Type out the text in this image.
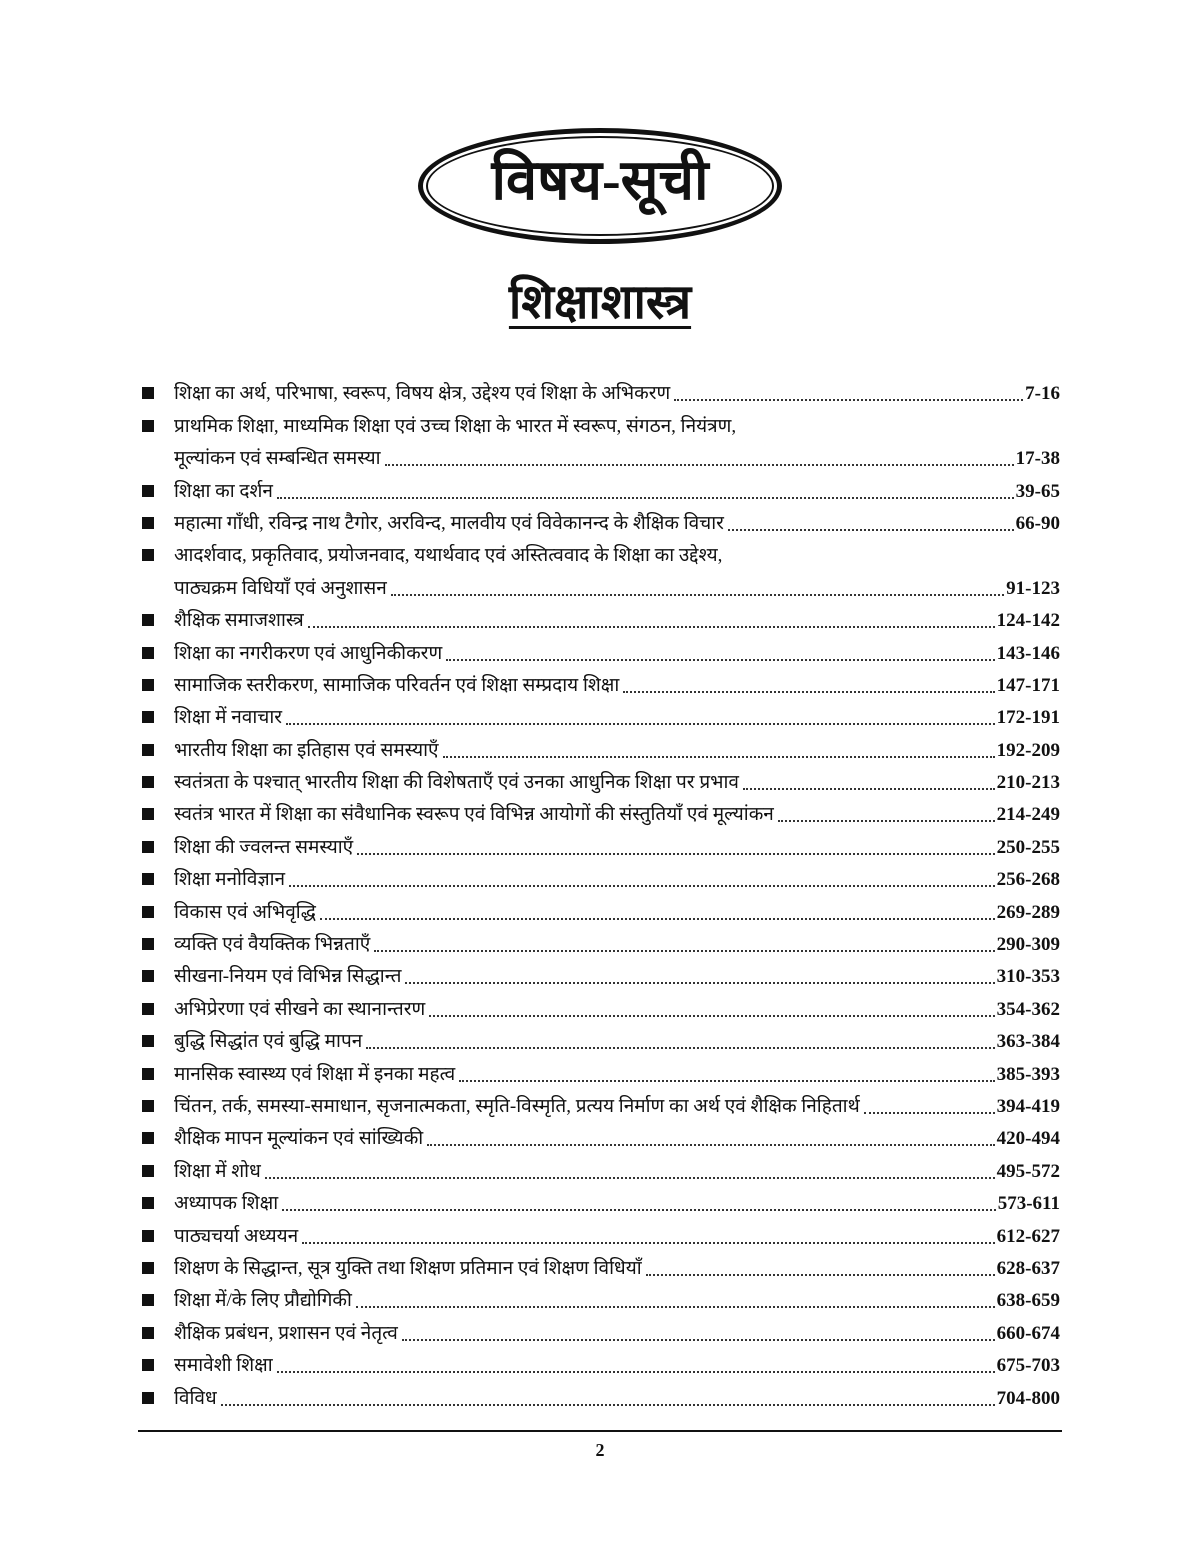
विषय-सूची
शिक्षाशास्त्र
शिक्षा का अर्थ, परिभाषा, स्वरूप, विषय क्षेत्र, उद्देश्य एवं शिक्षा के अभिकरण	7-16
प्राथमिक शिक्षा, माध्यमिक शिक्षा एवं उच्च शिक्षा के भारत में स्वरूप, संगठन, नियंत्रण,
मूल्यांकन एवं सम्बन्धित समस्या	17-38
शिक्षा का दर्शन	39-65
महात्मा गाँधी, रविन्द्र नाथ टैगोर, अरविन्द, मालवीय एवं विवेकानन्द के शैक्षिक विचार	66-90
आदर्शवाद, प्रकृतिवाद, प्रयोजनवाद, यथार्थवाद एवं अस्तित्ववाद के शिक्षा का उद्देश्य,
पाठ्यक्रम विधियाँ एवं अनुशासन	91-123
शैक्षिक समाजशास्त्र	124-142
शिक्षा का नगरीकरण एवं आधुनिकीकरण	143-146
सामाजिक स्तरीकरण, सामाजिक परिवर्तन एवं शिक्षा सम्प्रदाय शिक्षा	147-171
शिक्षा में नवाचार	172-191
भारतीय शिक्षा का इतिहास एवं समस्याएँ	192-209
स्वतंत्रता के पश्चात् भारतीय शिक्षा की विशेषताएँ एवं उनका आधुनिक शिक्षा पर प्रभाव	210-213
स्वतंत्र भारत में शिक्षा का संवैधानिक स्वरूप एवं विभिन्न आयोगों की संस्तुतियाँ एवं मूल्यांकन	214-249
शिक्षा की ज्वलन्त समस्याएँ	250-255
शिक्षा मनोविज्ञान	256-268
विकास एवं अभिवृद्धि	269-289
व्यक्ति एवं वैयक्तिक भिन्नताएँ	290-309
सीखना-नियम एवं विभिन्न सिद्धान्त	310-353
अभिप्रेरणा एवं सीखने का स्थानान्तरण	354-362
बुद्धि सिद्धांत एवं बुद्धि मापन	363-384
मानसिक स्वास्थ्य एवं शिक्षा में इनका महत्व	385-393
चिंतन, तर्क, समस्या-समाधान, सृजनात्मकता, स्मृति-विस्मृति, प्रत्यय निर्माण का अर्थ एवं शैक्षिक निहितार्थ	394-419
शैक्षिक मापन मूल्यांकन एवं सांख्यिकी	420-494
शिक्षा में शोध	495-572
अध्यापक शिक्षा	573-611
पाठ्यचर्या अध्ययन	612-627
शिक्षण के सिद्धान्त, सूत्र युक्ति तथा शिक्षण प्रतिमान एवं शिक्षण विधियाँ	628-637
शिक्षा में/के लिए प्रौद्योगिकी	638-659
शैक्षिक प्रबंधन, प्रशासन एवं नेतृत्व	660-674
समावेशी शिक्षा	675-703
विविध	704-800
2
